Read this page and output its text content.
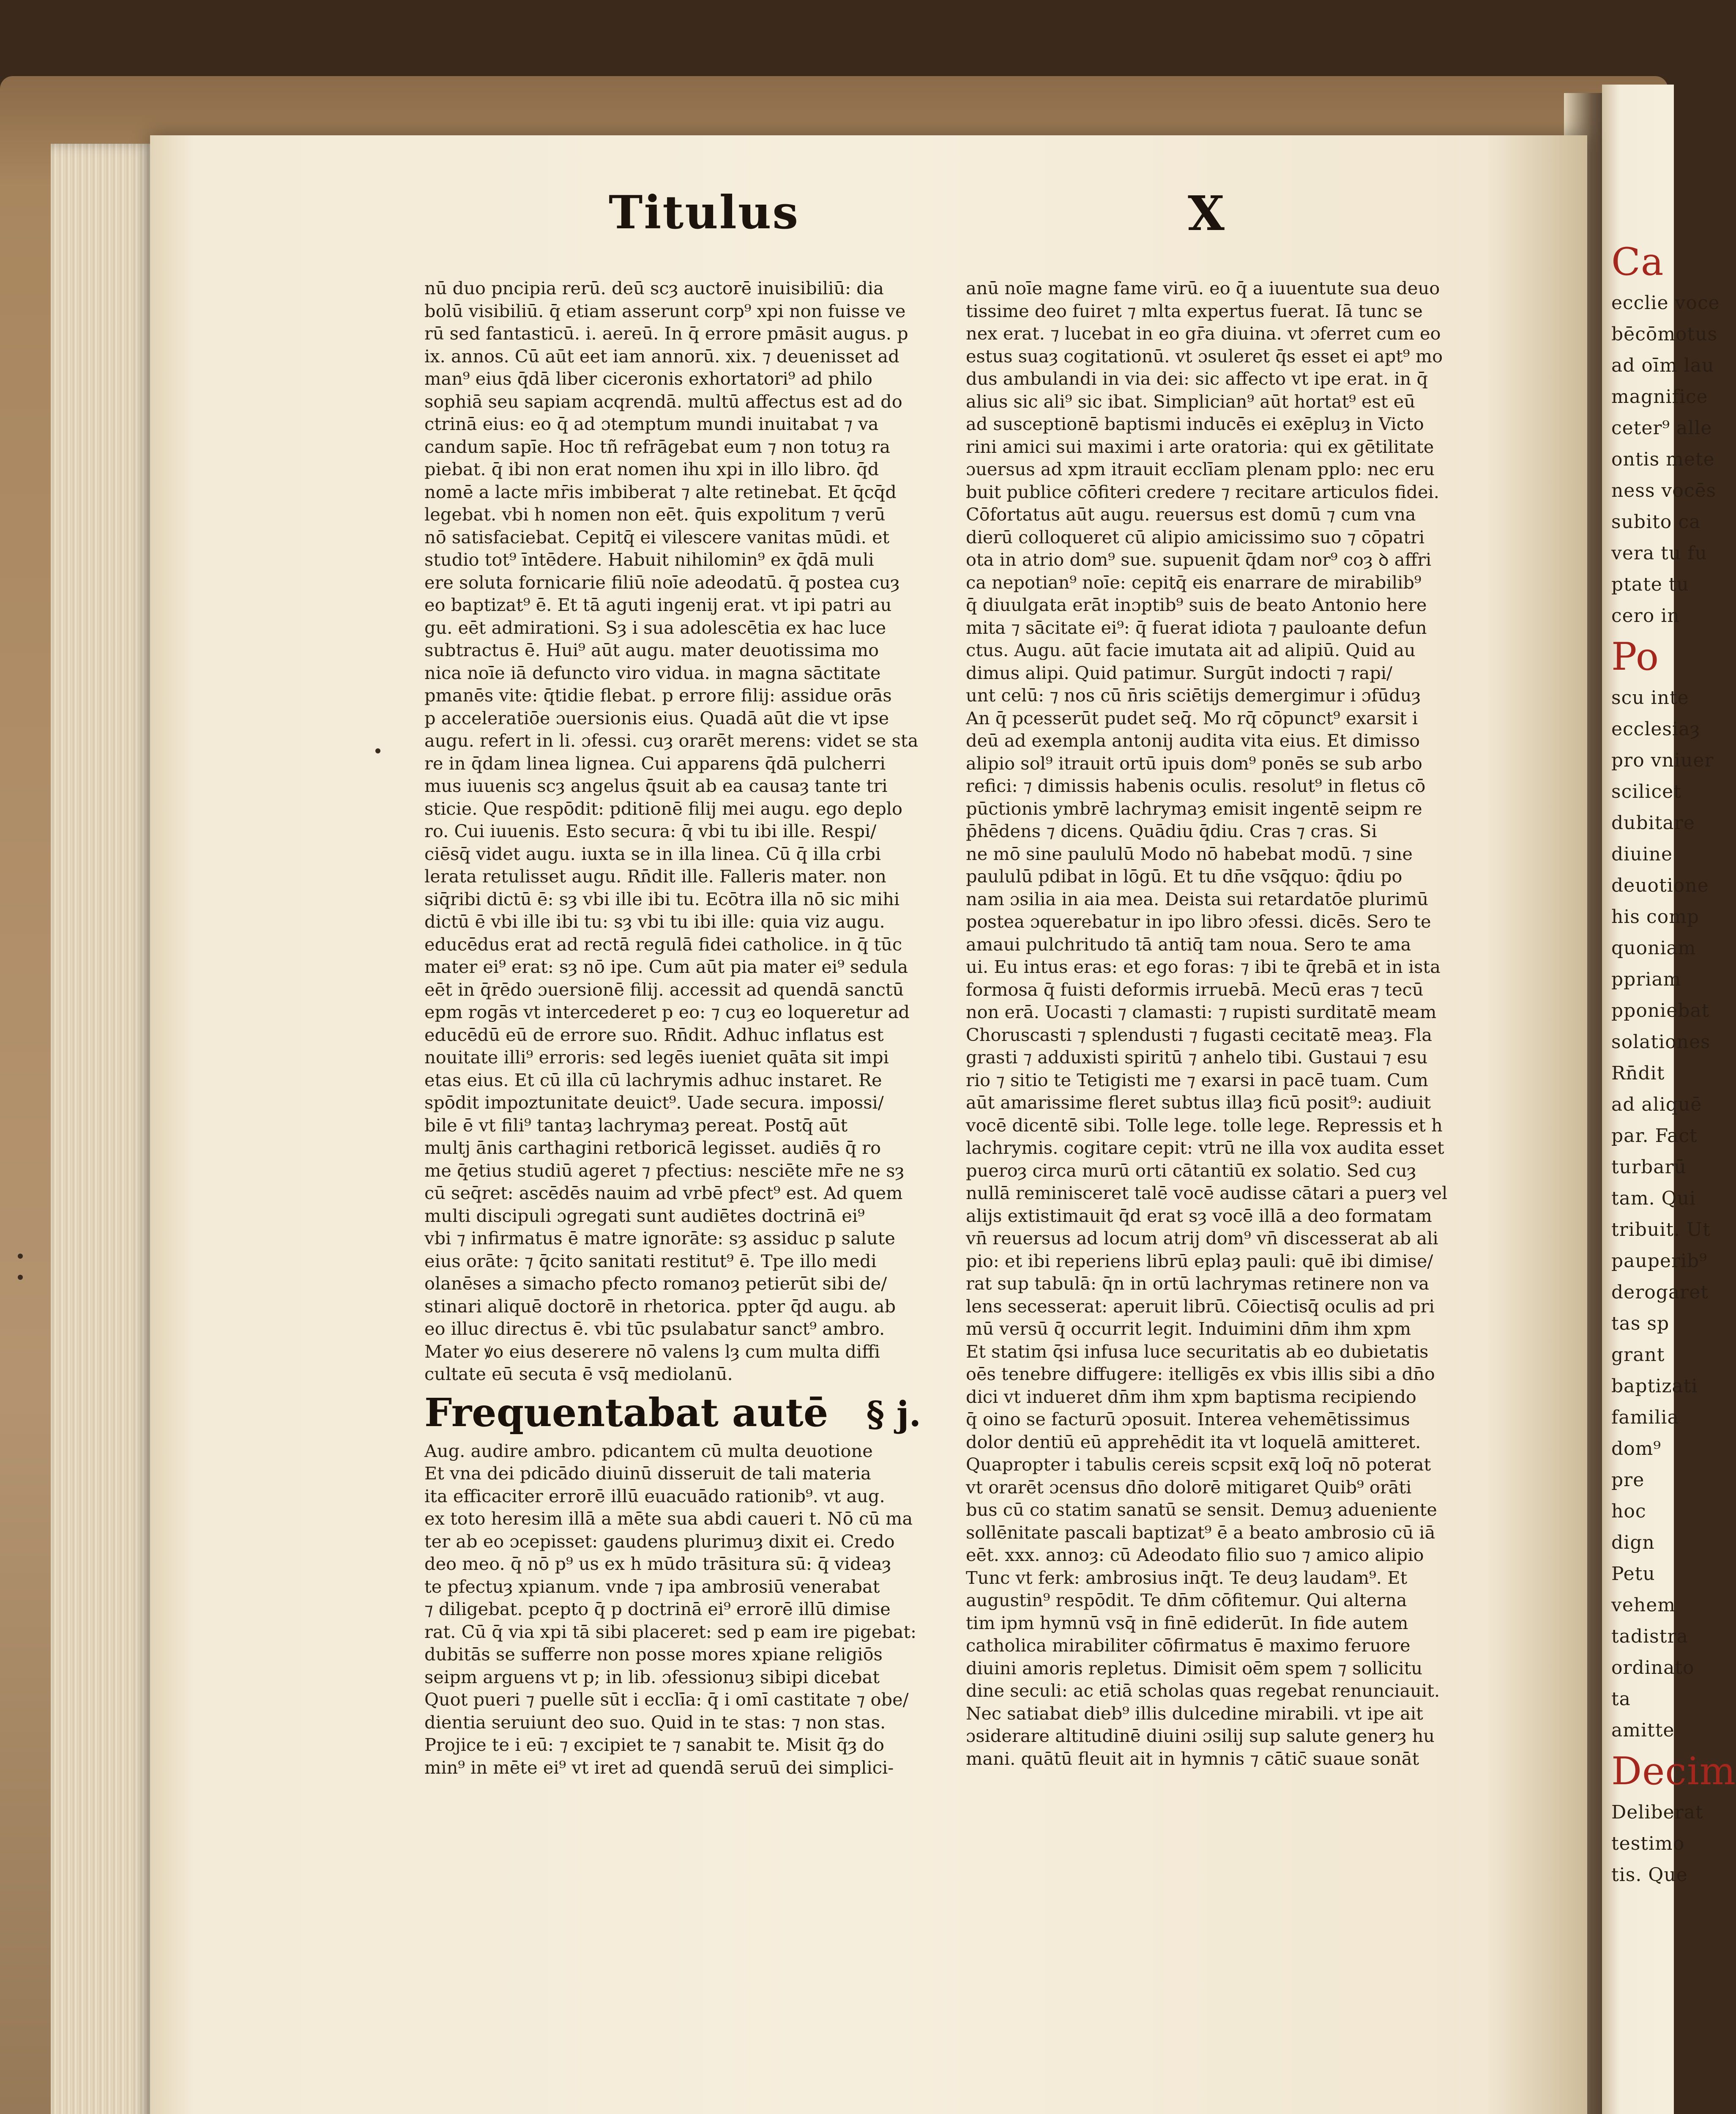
Ca
ecclie voce
bēcōmotus
ad oīm lau
magnifice
ceter⁹ alle
ontis mete
ness vocēs
subito ca
vera tu fu
ptate tu
cero in
Po
scu inte
ecclesiaȝ
pro vniuer
scilicet
dubitare
diuine
deuotione
his comp
quoniam
ppriam
pponiebat
solationes
Rn̄dit
ad aliquē
par. Fact
turbarū
tam. Qui
tribuit. Ut
pauperib⁹
derogaret
tas sp
grant
baptizati
familia
dom⁹
pre
hoc
dign
Petu
vehem
tadistra
ordinato
ta
amitte
Decim
Deliberat
testimo
tis. Que
Titulus	X
nū duo pncipia rerū. deū scȝ auctorē inuisibiliū: dia
bolū visibiliū. q̄ etiam asserunt corp⁹ xpi non fuisse ve
rū sed fantasticū. i. aereū. In q̄ errore pmāsit augus. p
ix. annos. Cū aūt eet iam annorū. xix. ⁊ deuenisset ad
man⁹ eius q̄dā liber ciceronis exhortatori⁹ ad philo
sophiā seu sapiam acqrendā. multū affectus est ad do
ctrinā eius: eo q̄ ad ɔtemptum mundi inuitabat ⁊ va
candum sapīe. Hoc tñ refrāgebat eum ⁊ non totuȝ ra
piebat. q̄ ibi non erat nomen ihu xpi in illo libro. q̄d
nomē a lacte mr̄is imbiberat ⁊ alte retinebat. Et q̄cq̄d
legebat. vbi h nomen non eēt. q̄uis expolitum ⁊ verū
nō satisfaciebat. Cepitq̄ ei vilescere vanitas mūdi. et
studio tot⁹ īntēdere. Habuit nihilomin⁹ ex q̄dā muli
ere soluta fornicarie filiū noīe adeodatū. q̄ postea cuȝ
eo baptizat⁹ ē. Et tā aguti ingenij erat. vt ipi patri au
gu. eēt admirationi. Sȝ i sua adolescētia ex hac luce
subtractus ē. Hui⁹ aūt augu. mater deuotissima mo
nica noīe iā defuncto viro vidua. in magna sāctitate
pmanēs vite: q̄tidie flebat. p errore filij: assidue orās
p acceleratiōe ɔuersionis eius. Quadā aūt die vt ipse
augu. refert in li. ɔfessi. cuȝ orarēt merens: videt se sta
re in q̄dam linea lignea. Cui apparens q̄dā pulcherri
mus iuuenis scȝ angelus q̄suit ab ea causaȝ tante tri
sticie. Que respōdit: pditionē filij mei augu. ego deplo
ro. Cui iuuenis. Esto secura: q̄ vbi tu ibi ille. Respi/
ciēsq̄ videt augu. iuxta se in illa linea. Cū q̄ illa crbi
lerata retulisset augu. Rn̄dit ille. Falleris mater. non
siq̄ribi dictū ē: sȝ vbi ille ibi tu. Ecōtra illa nō sic mihi
dictū ē vbi ille ibi tu: sȝ vbi tu ibi ille: quia viz augu.
educēdus erat ad rectā regulā fidei catholice. in q̄ tūc
mater ei⁹ erat: sȝ nō ipe. Cum aūt pia mater ei⁹ sedula
eēt in q̄rēdo ɔuersionē filij. accessit ad quendā sanctū
epm rogās vt intercederet p eo: ⁊ cuȝ eo loqueretur ad
educēdū eū de errore suo. Rn̄dit. Adhuc inflatus est
nouitate illi⁹ erroris: sed legēs iueniet quāta sit impi
etas eius. Et cū illa cū lachrymis adhuc instaret. Re
spōdit impoztunitate deuict⁹. Uade secura. impossi/
bile ē vt fili⁹ tantaȝ lachrymaȝ pereat. Postq̄ aūt
multj ānis carthagini retboricā legisset. audiēs q̄ ro
me q̄etius studiū ageret ⁊ pfectius: nesciēte mr̄e ne sȝ
cū seq̄ret: ascēdēs nauim ad vrbē pfect⁹ est. Ad quem
multi discipuli ɔgregati sunt audiētes doctrinā ei⁹
vbi ⁊ infirmatus ē matre ignorāte: sȝ assiduc p salute
eius orāte: ⁊ q̄cito sanitati restitut⁹ ē. Tpe illo medi
olanēses a simacho pfecto romanoȝ petierūt sibi de/
stinari aliquē doctorē in rhetorica. ppter q̄d augu. ab
eo illuc directus ē. vbi tūc psulabatur sanct⁹ ambro.
Mater ꝟo eius deserere nō valens lȝ cum multa diffi
cultate eū secuta ē vsq̄ mediolanū.
Frequentabat autē § j.
Aug. audire ambro. pdicantem cū multa deuotione
Et vna dei pdicādo diuinū disseruit de tali materia
ita efficaciter errorē illū euacuādo rationib⁹. vt aug.
ex toto heresim illā a mēte sua abdi caueri t. Nō cū ma
ter ab eo ɔcepisset: gaudens plurimuȝ dixit ei. Credo
deo meo. q̄ nō p⁹ us ex h mūdo trāsitura sū: q̄ videaȝ
te pfectuȝ xpianum. vnde ⁊ ipa ambrosiū venerabat
⁊ diligebat. pcepto q̄ p doctrinā ei⁹ errorē illū dimise
rat. Cū q̄ via xpi tā sibi placeret: sed p eam ire pigebat:
dubitās se sufferre non posse mores xpiane religiōs
seipm arguens vt p; in lib. ɔfessionuȝ sibipi dicebat
Quot pueri ⁊ puelle sūt i ecclīa: q̄ i omī castitate ⁊ obe/
dientia seruiunt deo suo. Quid in te stas: ⁊ non stas.
Projice te i eū: ⁊ excipiet te ⁊ sanabit te. Misit q̄ȝ do
min⁹ in mēte ei⁹ vt iret ad quendā seruū dei simplici-
anū noīe magne fame virū. eo q̄ a iuuentute sua deuo
tissime deo fuiret ⁊ mlta expertus fuerat. Iā tunc se
nex erat. ⁊ lucebat in eo gr̄a diuina. vt ɔferret cum eo
estus suaȝ cogitationū. vt ɔsuleret q̄s esset ei apt⁹ mo
dus ambulandi in via dei: sic affecto vt ipe erat. in q̄
alius sic ali⁹ sic ibat. Simplician⁹ aūt hortat⁹ est eū
ad susceptionē baptismi inducēs ei exēpluȝ in Victo
rini amici sui maximi i arte oratoria: qui ex gētilitate
ɔuersus ad xpm itrauit ecclīam plenam pplo: nec eru
buit publice cōfiteri credere ⁊ recitare articulos fidei.
Cōfortatus aūt augu. reuersus est domū ⁊ cum vna
dierū colloqueret cū alipio amicissimo suo ⁊ cōpatri
ota in atrio dom⁹ sue. supuenit q̄dam nor⁹ coȝ ꝺ affri
ca nepotian⁹ noīe: cepitq̄ eis enarrare de mirabilib⁹
q̄ diuulgata erāt inɔptib⁹ suis de beato Antonio here
mita ⁊ sācitate ei⁹: q̄ fuerat idiota ⁊ pauloante defun
ctus. Augu. aūt facie imutata ait ad alipiū. Quid au
dimus alipi. Quid patimur. Surgūt indocti ⁊ rapi/
unt celū: ⁊ nos cū n̄ris sciētijs demergimur i ɔfūduȝ
An q̄ pcesserūt pudet seq̄. Mo rq̄ cōpunct⁹ exarsit i
deū ad exempla antonij audita vita eius. Et dimisso
alipio sol⁹ itrauit ortū ipuis dom⁹ ponēs se sub arbo
refici: ⁊ dimissis habenis oculis. resolut⁹ in fletus cō
pūctionis ymbrē lachrymaȝ emisit ingentē seipm re
p̄hēdens ⁊ dicens. Quādiu q̄diu. Cras ⁊ cras. Si
ne mō sine paululū Modo nō habebat modū. ⁊ sine
paululū pdibat in lōgū. Et tu dn̄e vsq̄quo: q̄diu po
nam ɔsilia in aia mea. Deista sui retardatōe plurimū
postea ɔquerebatur in ipo libro ɔfessi. dicēs. Sero te
amaui pulchritudo tā antiq̄ tam noua. Sero te ama
ui. Eu intus eras: et ego foras: ⁊ ibi te q̄rebā et in ista
formosa q̄ fuisti deformis irruebā. Mecū eras ⁊ tecū
non erā. Uocasti ⁊ clamasti: ⁊ rupisti surditatē meam
Choruscasti ⁊ splendusti ⁊ fugasti cecitatē meaȝ. Fla
grasti ⁊ adduxisti spiritū ⁊ anhelo tibi. Gustaui ⁊ esu
rio ⁊ sitio te Tetigisti me ⁊ exarsi in pacē tuam. Cum
aūt amarissime fleret subtus illaȝ ficū posit⁹: audiuit
vocē dicentē sibi. Tolle lege. tolle lege. Repressis et h
lachrymis. cogitare cepit: vtrū ne illa vox audita esset
pueroȝ circa murū orti cātantiū ex solatio. Sed cuȝ
nullā reminisceret talē vocē audisse cātari a puerȝ vel
alijs extistimauit q̄d erat sȝ vocē illā a deo formatam
vn̄ reuersus ad locum atrij dom⁹ vn̄ discesserat ab ali
pio: et ibi reperiens librū eplaȝ pauli: quē ibi dimise/
rat sup tabulā: q̄n in ortū lachrymas retinere non va
lens secesserat: aperuit librū. Cōiectisq̄ oculis ad pri
mū versū q̄ occurrit legit. Induimini dn̄m ihm xpm
Et statim q̄si infusa luce securitatis ab eo dubietatis
oēs tenebre diffugere: itelligēs ex vbis illis sibi a dn̄o
dici vt indueret dn̄m ihm xpm baptisma recipiendo
q̄ oino se facturū ɔposuit. Interea vehemētissimus
dolor dentiū eū apprehēdit ita vt loquelā amitteret.
Quapropter i tabulis cereis scpsit exq̄ loq̄ nō poterat
vt orarēt ɔcensus dn̄o dolorē mitigaret Quib⁹ orāti
bus cū co statim sanatū se sensit. Demuȝ adueniente
sollēnitate pascali baptizat⁹ ē a beato ambrosio cū iā
eēt. xxx. annoȝ: cū Adeodato filio suo ⁊ amico alipio
Tunc vt ferk: ambrosius inq̄t. Te deuȝ laudam⁹. Et
augustin⁹ respōdit. Te dn̄m cōfitemur. Qui alterna
tim ipm hymnū vsq̄ in finē ediderūt. In fide autem
catholica mirabiliter cōfirmatus ē maximo feruore
diuini amoris repletus. Dimisit oēm spem ⁊ sollicitu
dine seculi: ac etiā scholas quas regebat renunciauit.
Nec satiabat dieb⁹ illis dulcedine mirabili. vt ipe ait
ɔsiderare altitudinē diuini ɔsilij sup salute generȝ hu
mani. quātū fleuit ait in hymnis ⁊ cātic̄ suaue sonāt
